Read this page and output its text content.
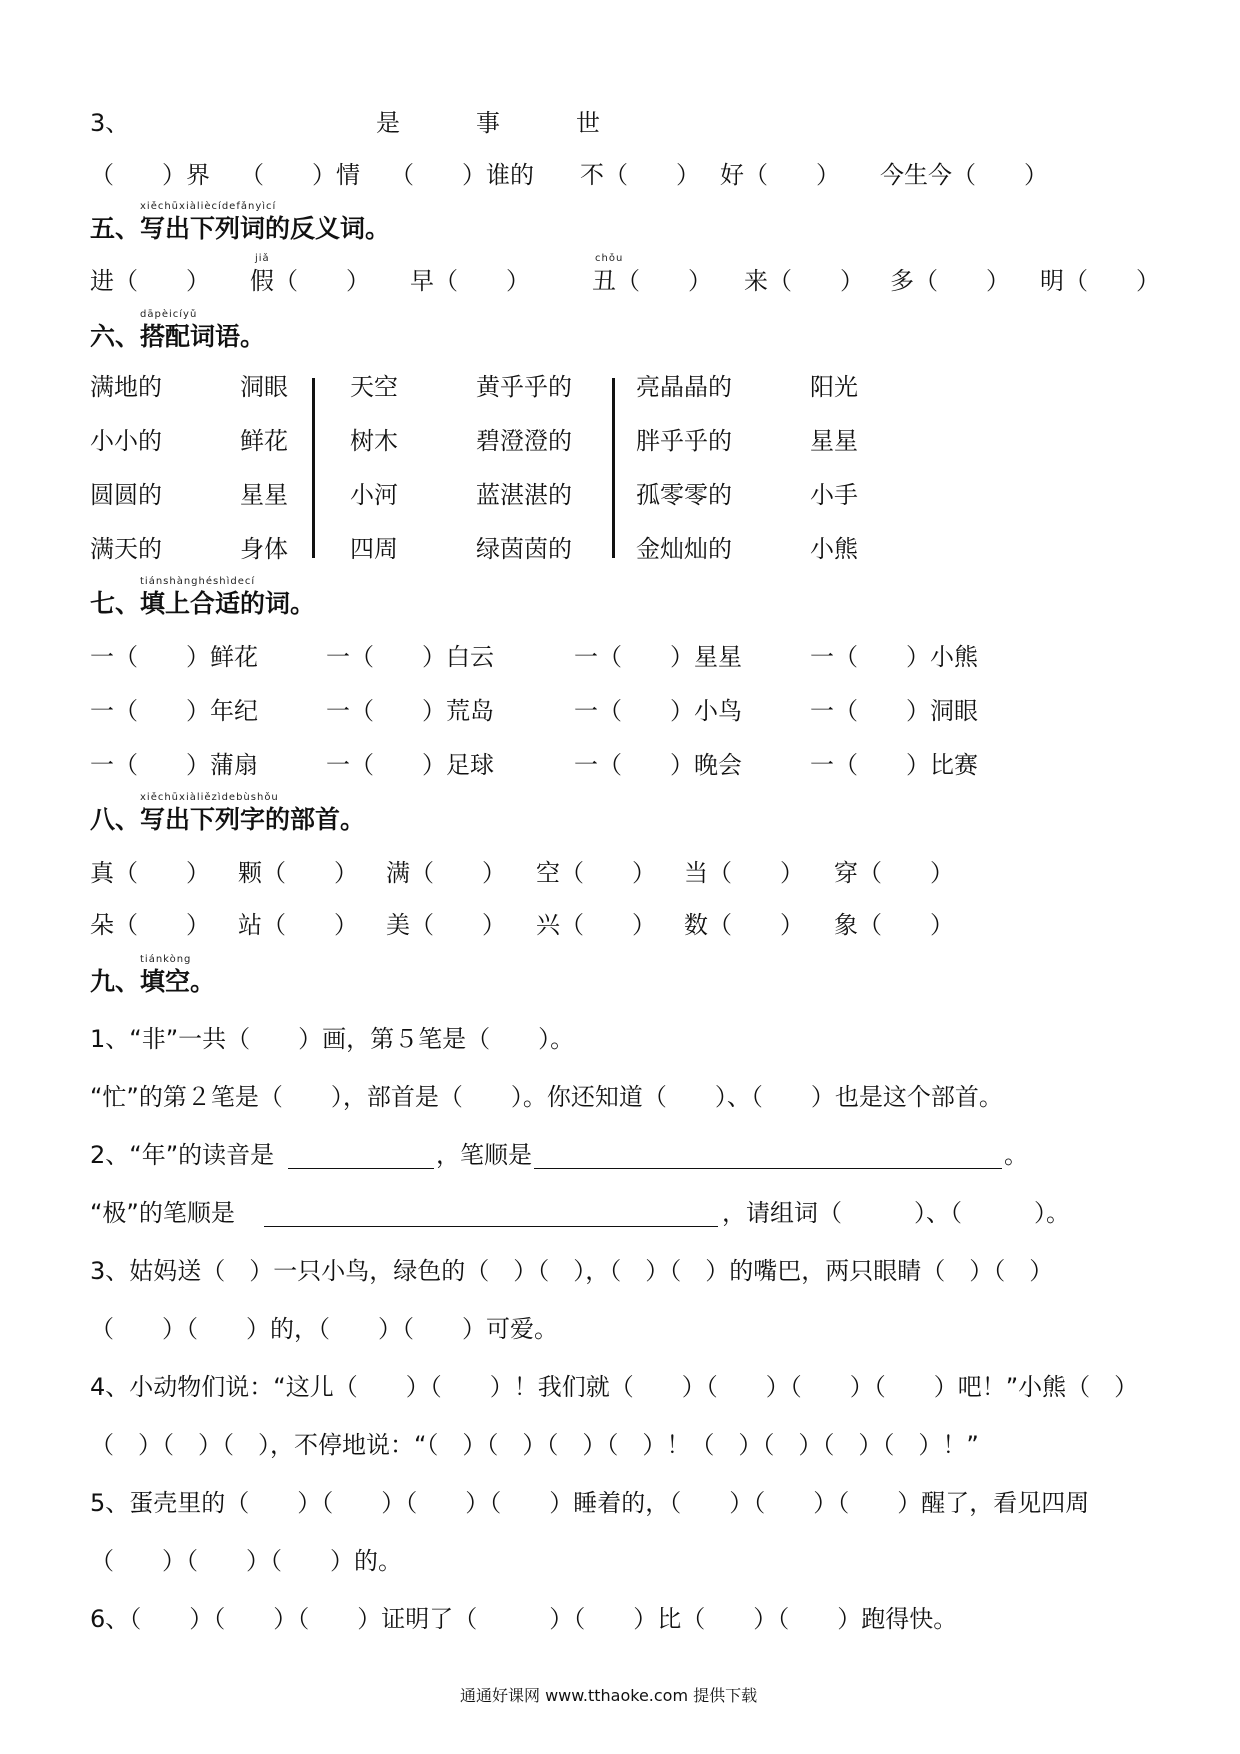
3、	是	事	世
（　　）界 （　　）情 （　　）谁的 不（　　） 好（　　） 今生今（　　）
xiěchūxiàliècídefǎnyìcí
五、写出下列词的反义词。
jiǎ	chǒu
进（　　） 假（　　） 早（　　）	丑（　　） 来（　　） 多（　　） 明（　　）
dāpèicíyǔ
六、搭配词语。
满地的	洞眼	天空	黄乎乎的	亮晶晶的	阳光
小小的	鲜花	树木	碧澄澄的	胖乎乎的	星星
圆圆的	星星	小河	蓝湛湛的	孤零零的	小手
满天的	身体	四周	绿茵茵的	金灿灿的	小熊
tiánshànghéshìdecí
七、填上合适的词。
一（　　）鲜花	一（　　）白云	一（　　）星星	一（　　）小熊
一（　　）年纪	一（　　）荒岛	一（　　）小鸟	一（　　）洞眼
一（　　）蒲扇	一（　　）足球	一（　　）晚会	一（　　）比赛
xiěchūxiàliězìdebùshǒu
八、写出下列字的部首。
真（　　） 颗（　　） 满（　　） 空（　　） 当（　　） 穿（　　）
朵（　　） 站（　　） 美（　　） 兴（　　） 数（　　） 象（　　）
tiánkòng
九、填空。
1、“非”一共（　　）画，第５笔是（　　）。
“忙”的第２笔是（　　），部首是（　　）。你还知道（　　）、（　　）也是这个部首。
2、“年”的读音是	，笔顺是	。
“极”的笔顺是	，请组词（　　　）、（　　　）。
3、姑妈送（　）一只小鸟，绿色的（　）（　），（　）（　）的嘴巴，两只眼睛（　）（　）
（　　）（　　）的，（　　）（　　）可爱。
4、小动物们说：“这儿（　　）（　　）！我们就（　　）（　　）（　　）（　　）吧！”小熊（　）
（　）（　）（　），不停地说：“（　）（　）（　）（　）！（　）（　）（　）（　）！”
5、蛋壳里的（　　）（　　）（　　）（　　）睡着的，（　　）（　　）（　　）醒了，看见四周
（　　）（　　）（　　）的。
6、（　　）（　　）（　　）证明了（　　　）（　　）比（　　）（　　）跑得快。
通通好课网 www.tthaoke.com 提供下载
